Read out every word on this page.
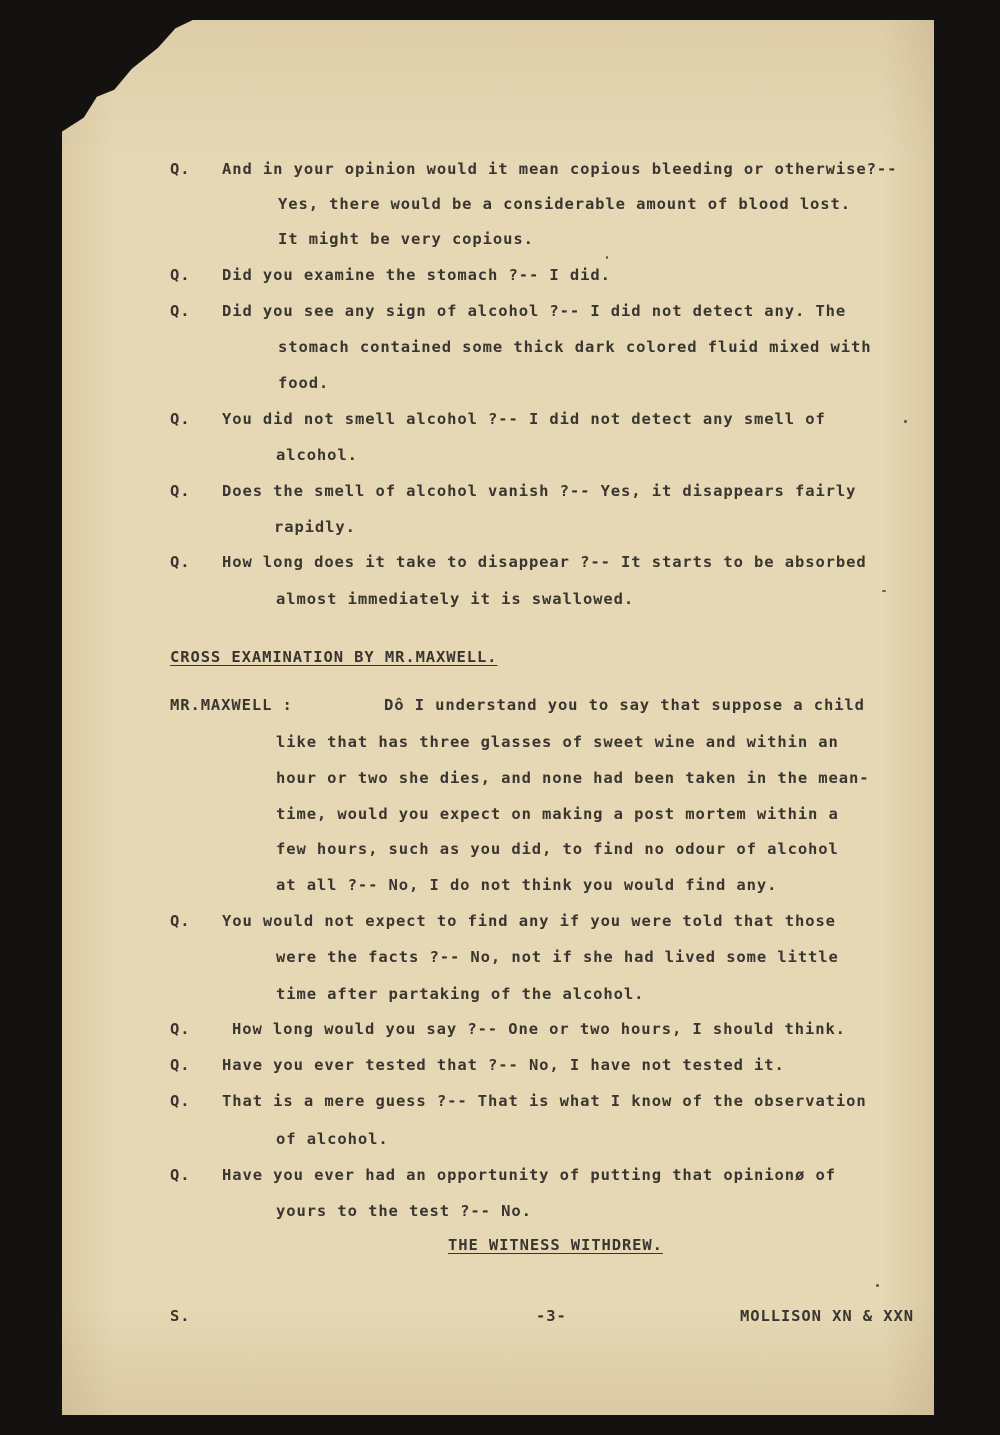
Q.
Q.
Q.
Q.
Q.
Q.
Q.
Q.
Q.
Q.
Q.
And in your opinion would it mean copious bleeding or otherwise?--
Yes, there would be a considerable amount of blood lost.
It might be very copious.
Did you examine the stomach ?-- I did.
Did you see any sign of alcohol ?-- I did not detect any. The
stomach contained some thick dark colored fluid mixed with
food.
You did not smell alcohol ?-- I did not detect any smell of
alcohol.
Does the smell of alcohol vanish ?-- Yes, it disappears fairly
rapidly.
How long does it take to disappear ?-- It starts to be absorbed
almost immediately it is swallowed.
CROSS EXAMINATION BY MR.MAXWELL.
MR.MAXWELL :	Dô I understand you to say that suppose a child
like that has three glasses of sweet wine and within an
hour or two she dies, and none had been taken in the mean-
time, would you expect on making a post mortem within a
few hours, such as you did, to find no odour of alcohol
at all ?-- No, I do not think you would find any.
You would not expect to find any if you were told that those
were the facts ?-- No, not if she had lived some little
time after partaking of the alcohol.
How long would you say ?-- One or two hours, I should think.
Have you ever tested that ?-- No, I have not tested it.
That is a mere guess ?-- That is what I know of the observation
of alcohol.
Have you ever had an opportunity of putting that opinionø of
yours to the test ?-- No.
THE WITNESS WITHDREW.
S.	-3-	MOLLISON XN & XXN
